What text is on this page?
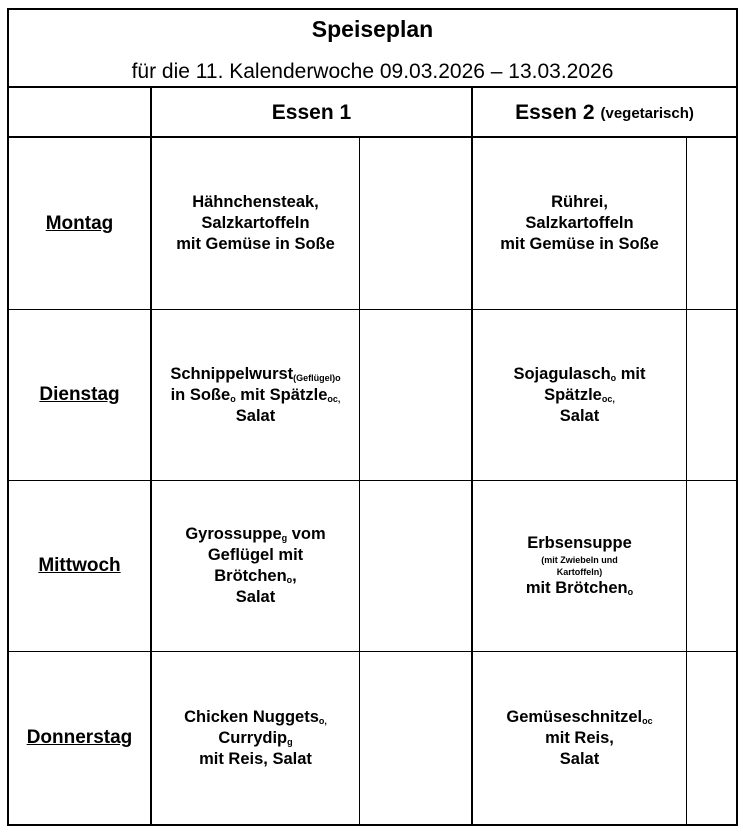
Speiseplan
für die 11. Kalenderwoche 09.03.2026 – 13.03.2026
Essen 1	Essen 2 (vegetarisch)
Montag
Hähnchensteak,
Salzkartoffeln
mit Gemüse in Soße
Rührei,
Salzkartoffeln
mit Gemüse in Soße
Dienstag
Schnippelwurst$_{(Geflügel)o}$
in Soße$_o$ mit Spätzle$_{oc,}$
Salat
Sojagulasch$_o$ mit
Spätzle$_{oc,}$
Salat
Mittwoch
Gyrossuppe$_g$ vom
Geflügel mit
Brötchen$_o$,
Salat
Erbsensuppe
(mit Zwiebeln und
Kartoffeln)
mit Brötchen$_o$
Donnerstag
Chicken Nuggets$_{o,}$
Currydip$_g$
mit Reis, Salat
Gemüseschnitzel$_{oc}$
mit Reis,
Salat
